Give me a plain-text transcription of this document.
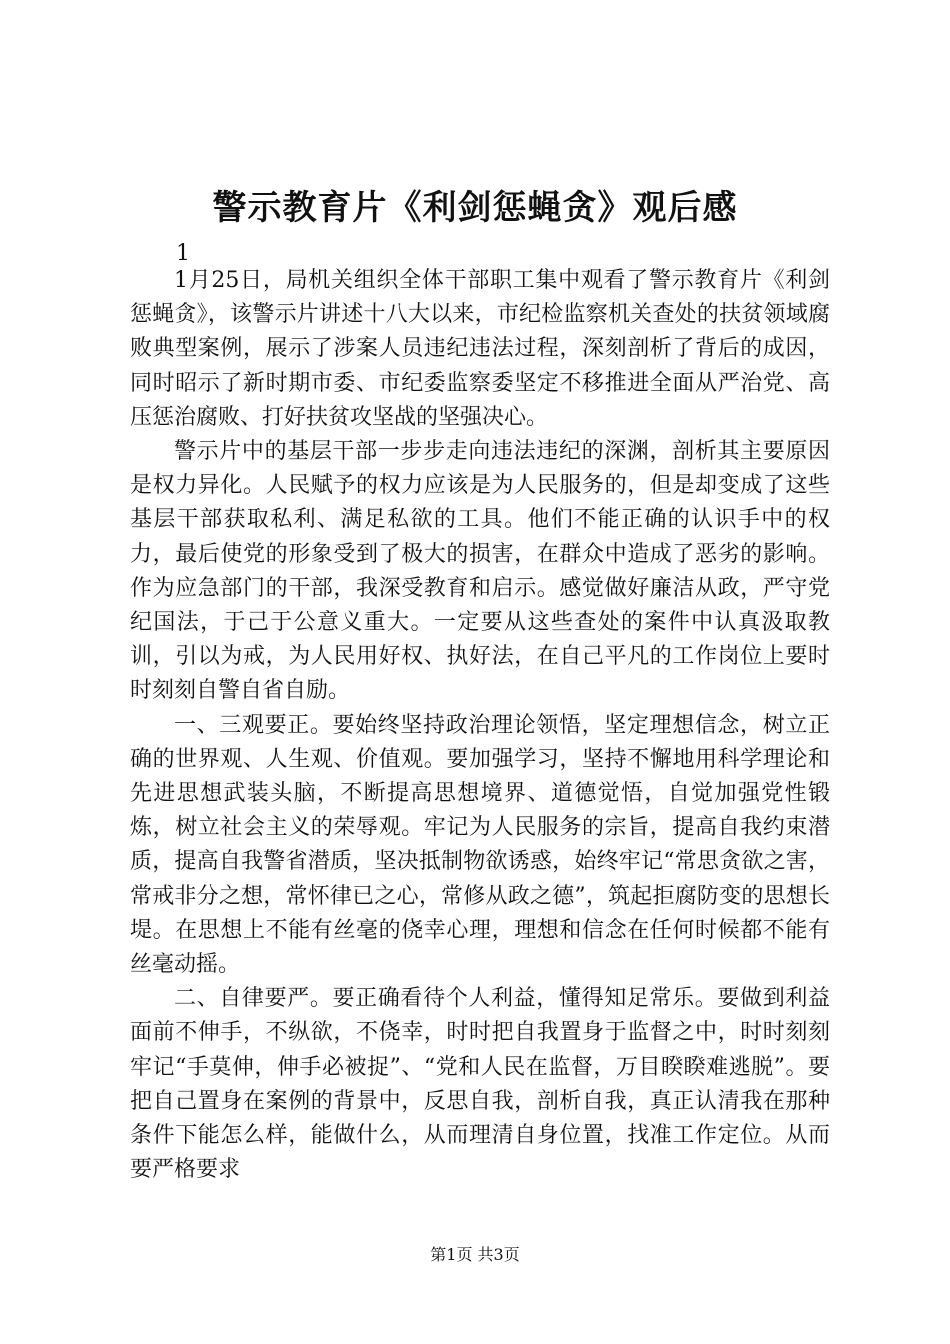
警示教育片《利剑惩蝇贪》观后感
1

1月25日，局机关组织全体干部职工集中观看了警示教育片《利剑惩蝇贪》，该警示片讲述十八大以来，市纪检监察机关查处的扶贫领域腐败典型案例，展示了涉案人员违纪违法过程，深刻剖析了背后的成因，同时昭示了新时期市委、市纪委监察委坚定不移推进全面从严治党、高压惩治腐败、打好扶贫攻坚战的坚强决心。

警示片中的基层干部一步步走向违法违纪的深渊，剖析其主要原因是权力异化。人民赋予的权力应该是为人民服务的，但是却变成了这些基层干部获取私利、满足私欲的工具。他们不能正确的认识手中的权力，最后使党的形象受到了极大的损害，在群众中造成了恶劣的影响。作为应急部门的干部，我深受教育和启示。感觉做好廉洁从政，严守党纪国法，于己于公意义重大。一定要从这些查处的案件中认真汲取教训，引以为戒，为人民用好权、执好法，在自己平凡的工作岗位上要时时刻刻自警自省自励。

一、三观要正。要始终坚持政治理论领悟，坚定理想信念，树立正确的世界观、人生观、价值观。要加强学习，坚持不懈地用科学理论和先进思想武装头脑，不断提高思想境界、道德觉悟，自觉加强党性锻炼，树立社会主义的荣辱观。牢记为人民服务的宗旨，提高自我约束潜质，提高自我警省潜质，坚决抵制物欲诱惑，始终牢记“常思贪欲之害，常戒非分之想，常怀律已之心，常修从政之德”，筑起拒腐防变的思想长堤。在思想上不能有丝毫的侥幸心理，理想和信念在任何时候都不能有丝毫动摇。

二、自律要严。要正确看待个人利益，懂得知足常乐。要做到利益面前不伸手，不纵欲，不侥幸，时时把自我置身于监督之中，时时刻刻牢记“手莫伸，伸手必被捉”、“党和人民在监督，万目睽睽难逃脱”。要把自己置身在案例的背景中，反思自我，剖析自我，真正认清我在那种条件下能怎么样，能做什么，从而理清自身位置，找准工作定位。从而要严格要求

第1页 共3页
